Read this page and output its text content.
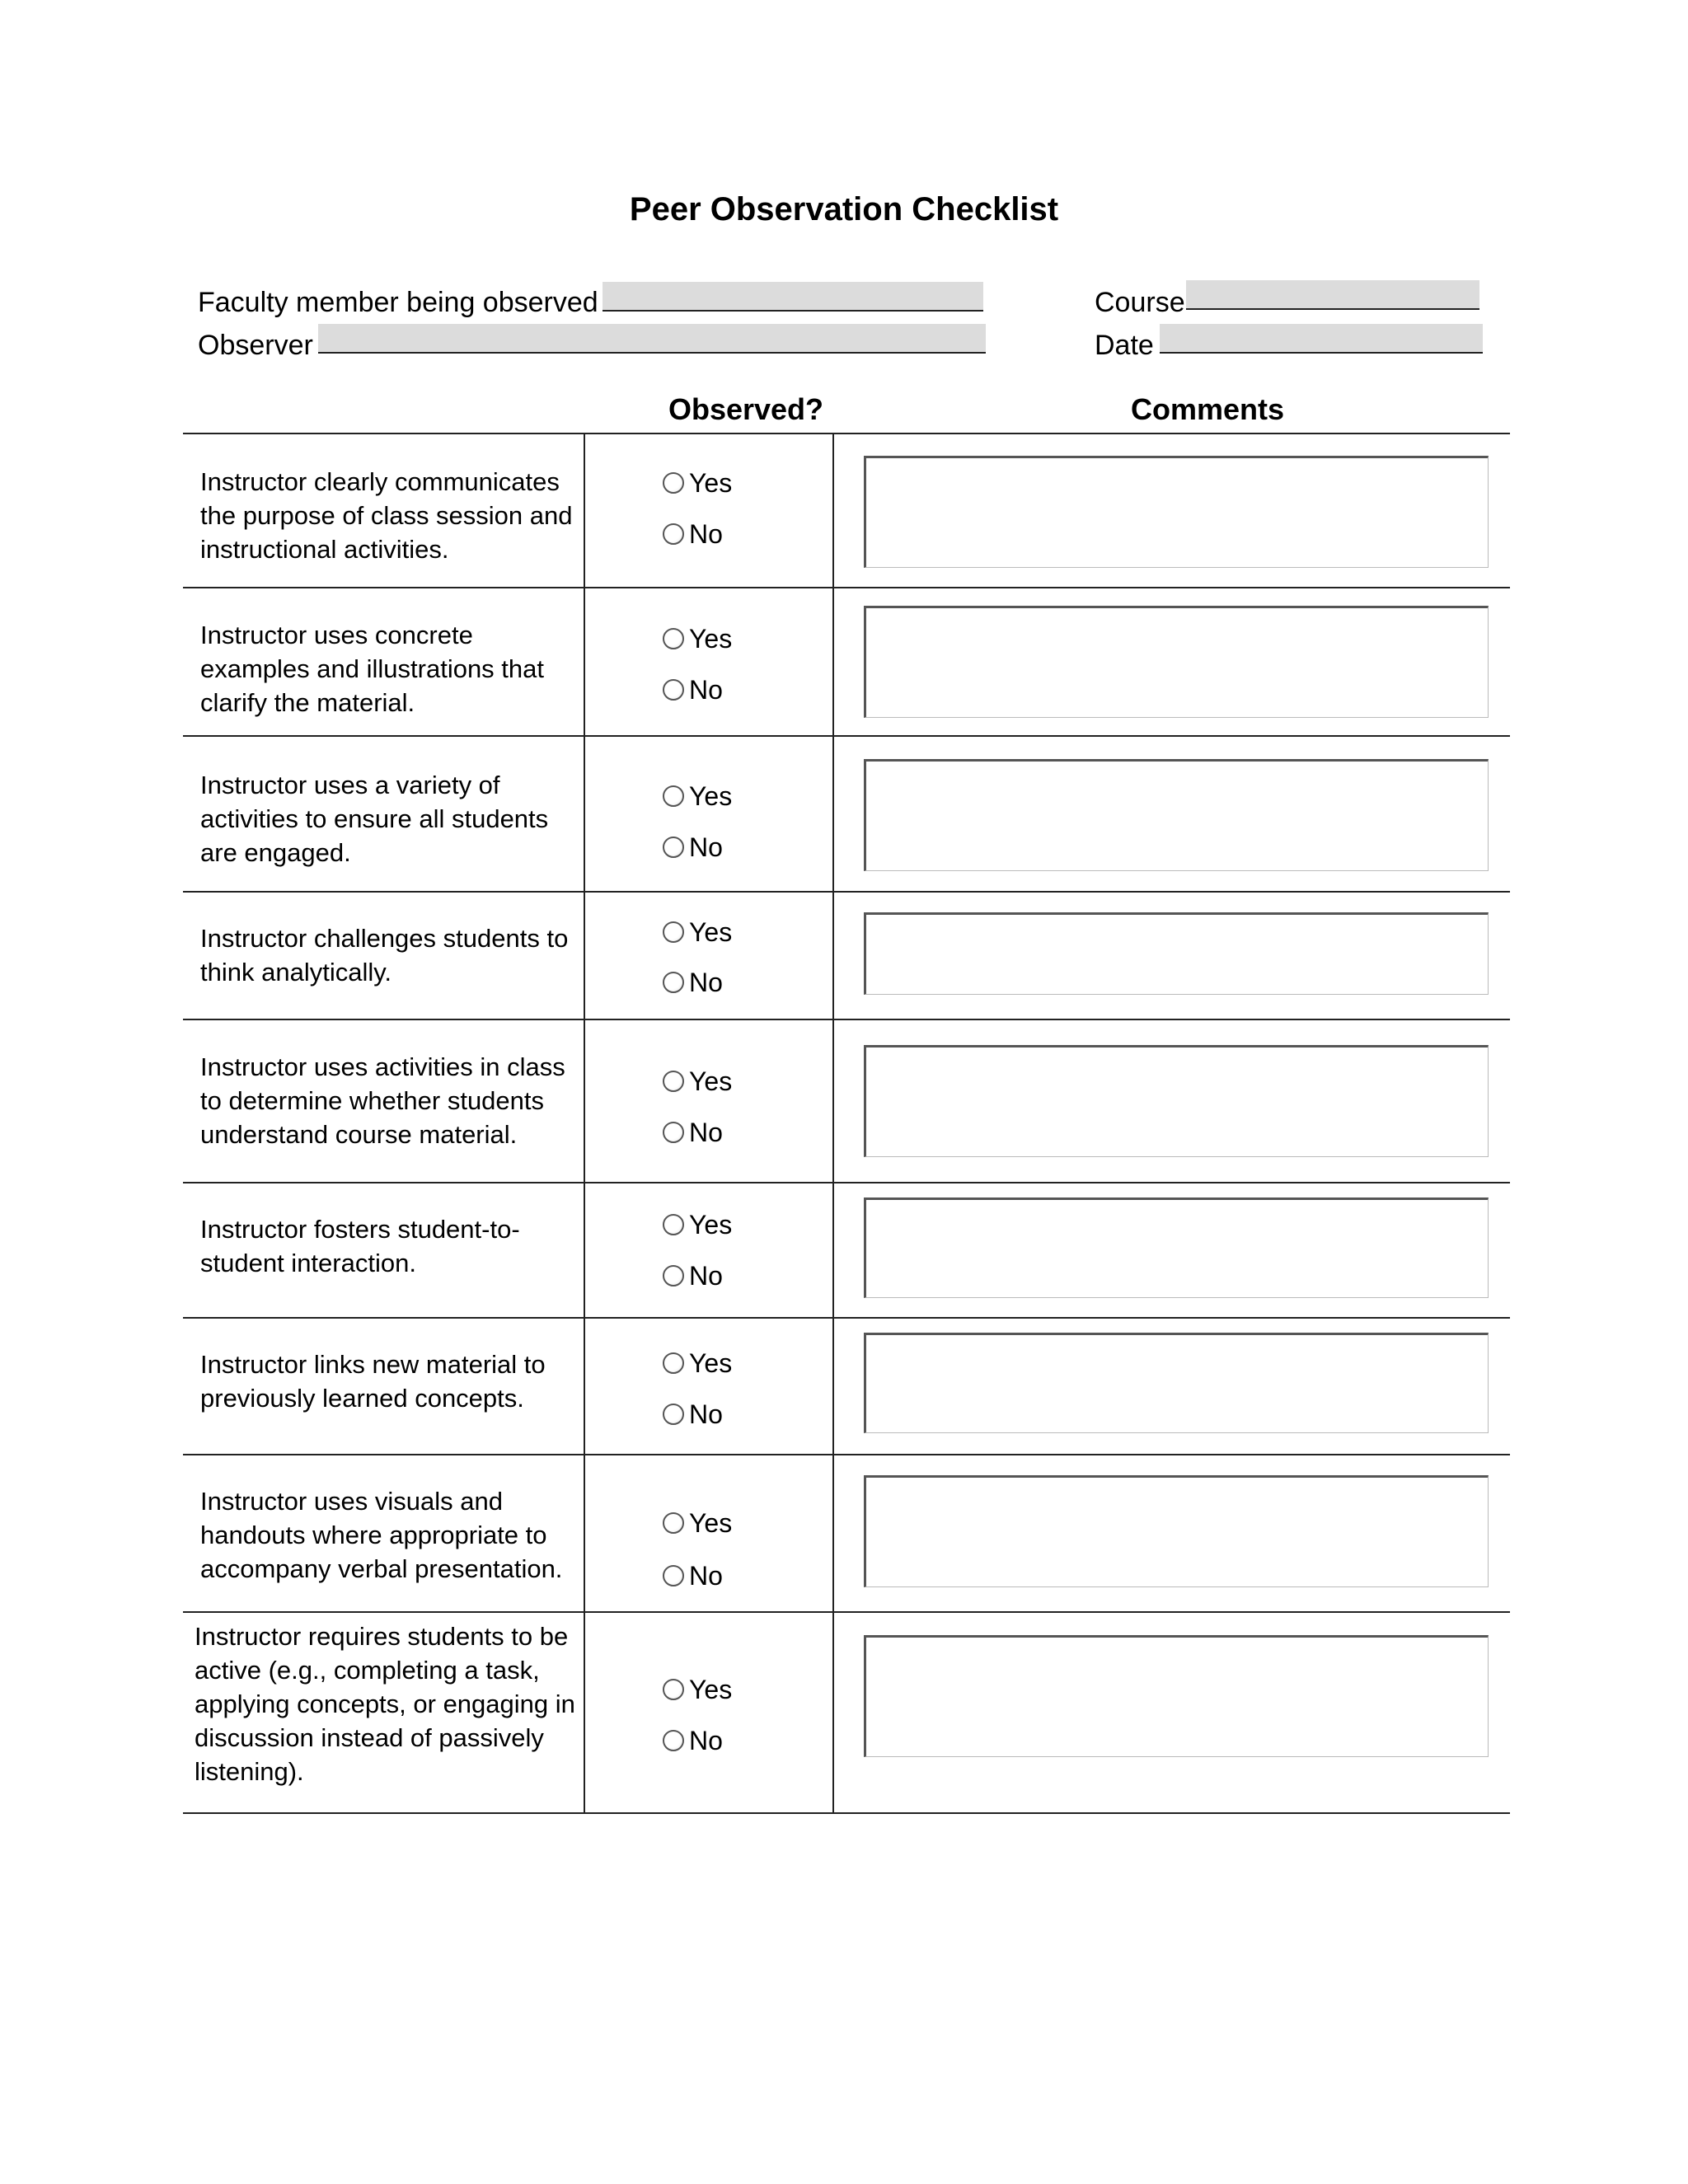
Peer Observation Checklist
Faculty member being observed
Observer
Course
Date
Observed?	Comments
Instructor clearly communicates the purpose of class session and instructional activities.
Yes
No
Instructor uses concrete examples and illustrations that clarify the material.
Yes
No
Instructor uses a variety of activities to ensure all students are engaged.
Yes
No
Instructor challenges students to think analytically.
Yes
No
Instructor uses activities in class to determine whether students understand course material.
Yes
No
Instructor fosters student-to-student interaction.
Yes
No
Instructor links new material to previously learned concepts.
Yes
No
Instructor uses visuals and handouts where appropriate to accompany verbal presentation.
Yes
No
Instructor requires students to be active (e.g., completing a task, applying concepts, or engaging in discussion instead of passively listening).
Yes
No
